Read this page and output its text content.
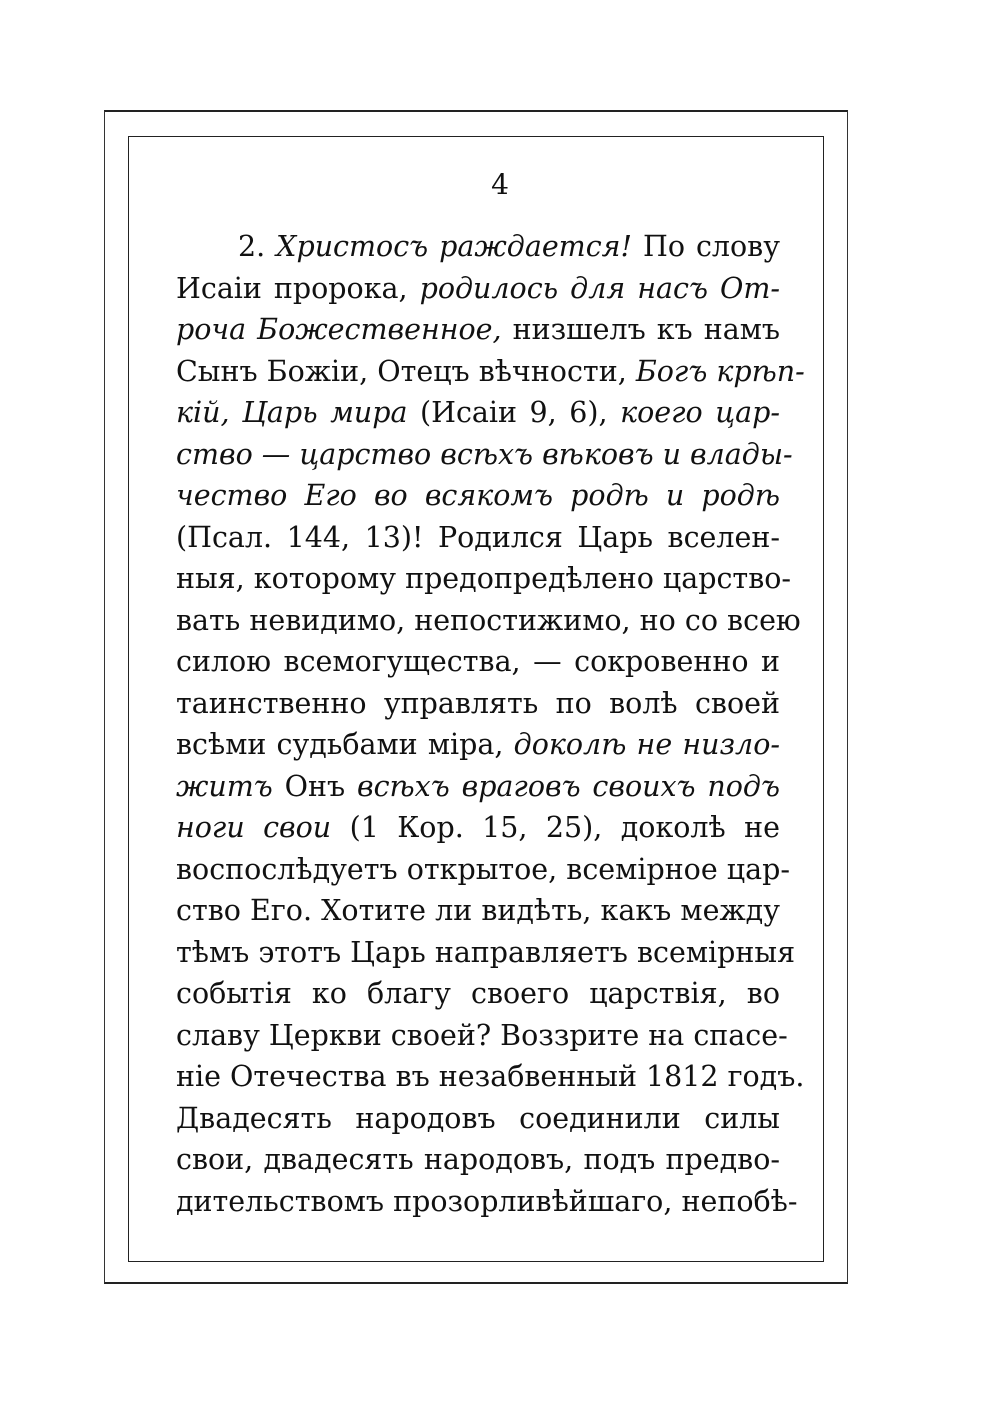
4
2. Христосъ раждается! По слову
Исаіи пророка, родилось для насъ От-
роча Божественное, низшелъ къ намъ
Сынъ Божіи, Отецъ вѣчности, Богъ крѣп-
кій, Царь мира (Исаіи 9, 6), коего цар-
ство — царство всѣхъ вѣковъ и влады-
чество Его во всякомъ родѣ и родѣ
(Псал. 144, 13)! Родился Царь вселен-
ныя, которому предопредѣлено царство-
вать невидимо, непостижимо, но со всею
силою всемогущества, — сокровенно и
таинственно управлять по волѣ своей
всѣми судьбами міра, доколѣ не низло-
житъ Онъ всѣхъ враговъ своихъ подъ
ноги свои (1 Кор. 15, 25), доколѣ не
воспослѣдуетъ открытое, всемірное цар-
ство Его. Хотите ли видѣть, какъ между
тѣмъ этотъ Царь направляетъ всемірныя
событія ко благу своего царствія, во
славу Церкви своей? Воззрите на спасе-
ніе Отечества въ незабвенный 1812 годъ.
Двадесять народовъ соединили силы
свои, двадесять народовъ, подъ предво-
дительствомъ прозорливѣйшаго, непобѣ-
